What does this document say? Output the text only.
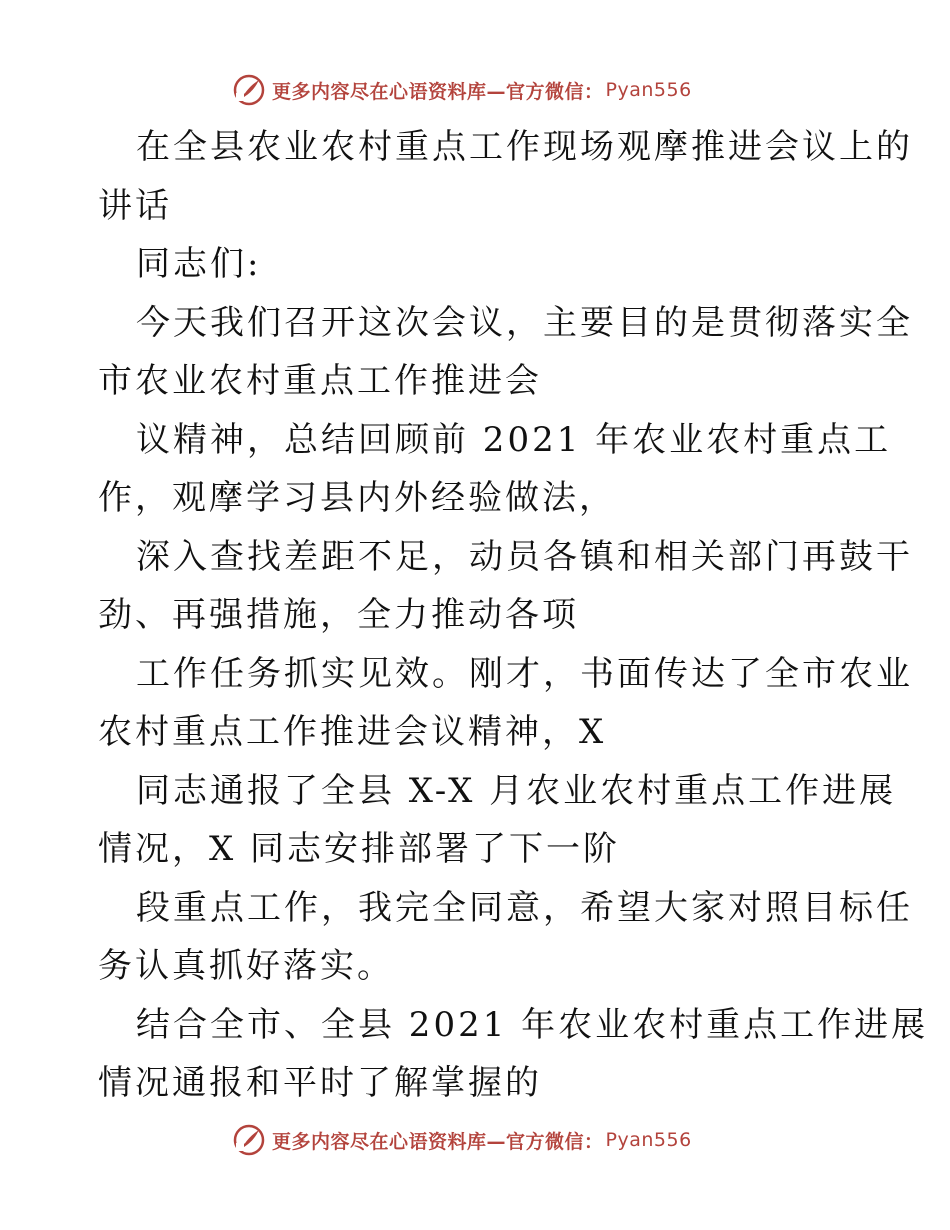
更多内容尽在心语资料库—官方微信： Pyan556
在全县农业农村重点工作现场观摩推进会议上的
讲话
同志们:
今天我们召开这次会议，主要目的是贯彻落实全
市农业农村重点工作推进会
议精神，总结回顾前 2021 年农业农村重点工
作，观摩学习县内外经验做法，
深入查找差距不足，动员各镇和相关部门再鼓干
劲、再强措施，全力推动各项
工作任务抓实见效。刚才，书面传达了全市农业
农村重点工作推进会议精神，X
同志通报了全县 X-X 月农业农村重点工作进展
情况，X 同志安排部署了下一阶
段重点工作，我完全同意，希望大家对照目标任
务认真抓好落实。
结合全市、全县 2021 年农业农村重点工作进展
情况通报和平时了解掌握的
更多内容尽在心语资料库—官方微信： Pyan556
